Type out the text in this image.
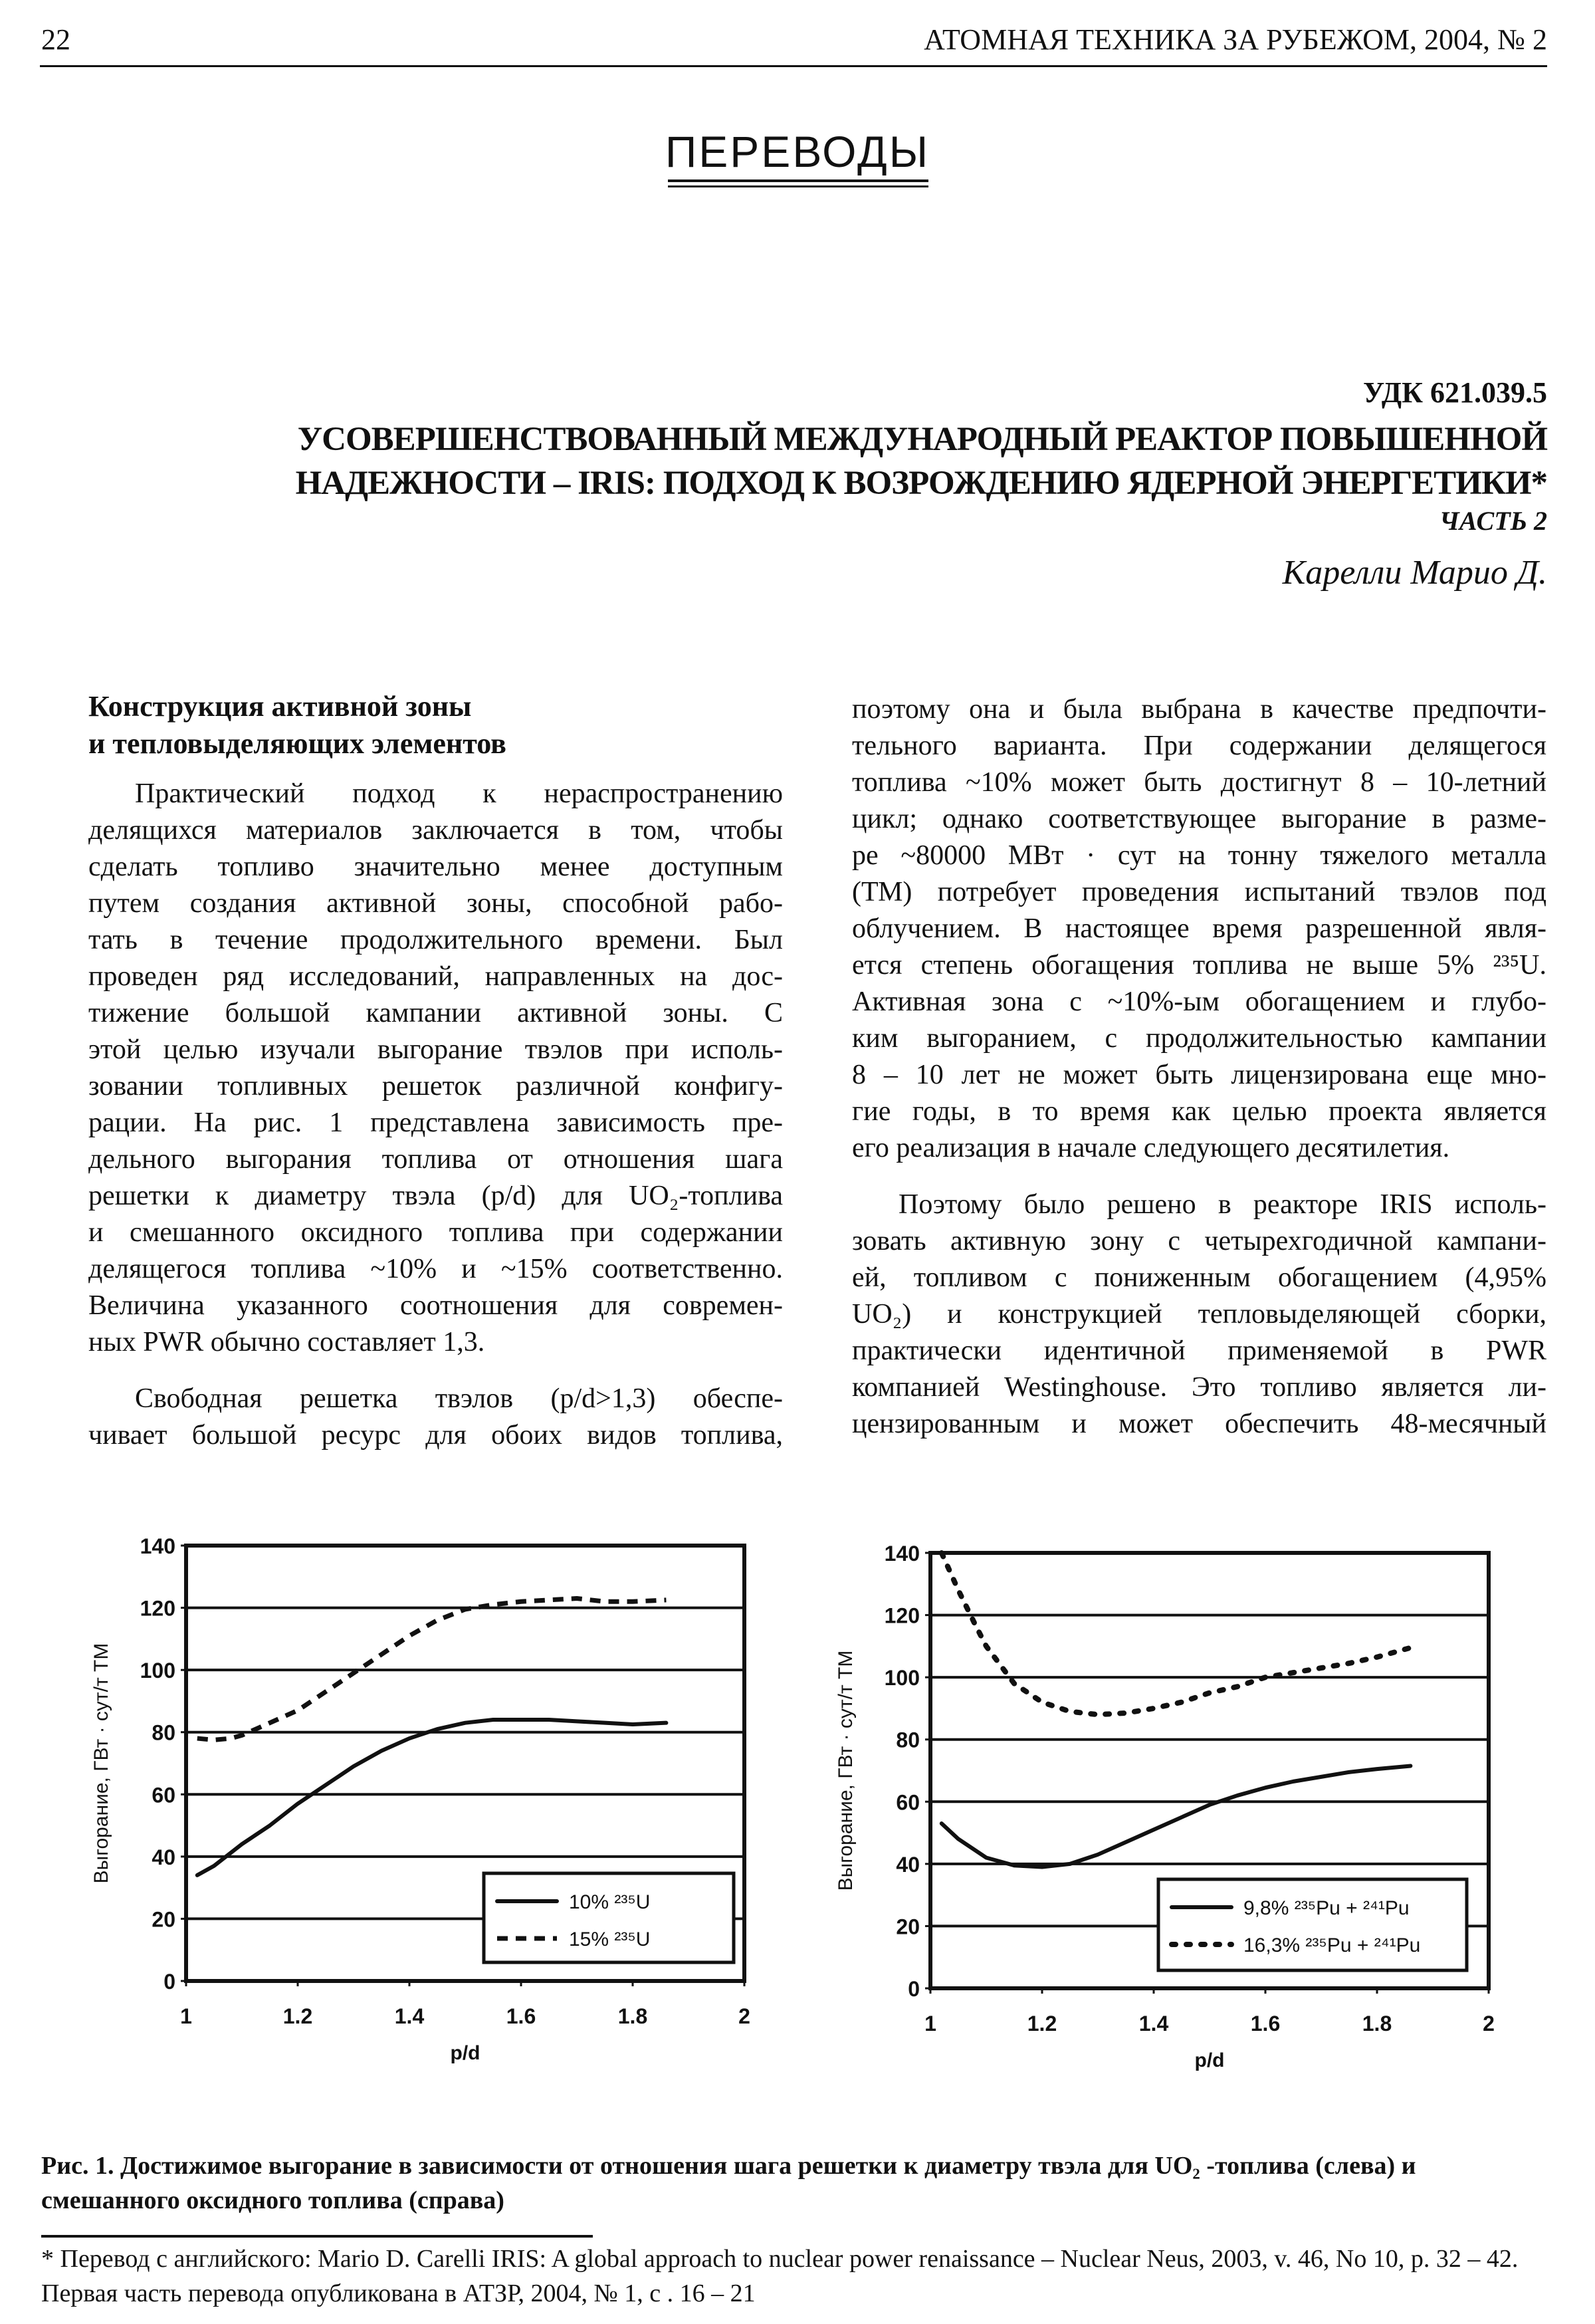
22	АТОМНАЯ ТЕХНИКА ЗА РУБЕЖОМ, 2004, № 2
ПЕРЕВОДЫ
УДК 621.039.5
УСОВЕРШЕНСТВОВАННЫЙ МЕЖДУНАРОДНЫЙ РЕАКТОР ПОВЫШЕННОЙ
НАДЕЖНОСТИ – IRIS: ПОДХОД К ВОЗРОЖДЕНИЮ ЯДЕРНОЙ ЭНЕРГЕТИКИ*
ЧАСТЬ 2
Карелли Марио Д.
Конструкция активной зоны
и тепловыделяющих элементов
Практический подход к нераспространению
делящихся материалов заключается в том, чтобы
сделать топливо значительно менее доступным
путем создания активной зоны, способной рабо-
тать в течение продолжительного времени. Был
проведен ряд исследований, направленных на дос-
тижение большой кампании активной зоны. С
этой целью изучали выгорание твэлов при исполь-
зовании топливных решеток различной конфигу-
рации. На рис. 1 представлена зависимость пре-
дельного выгорания топлива от отношения шага
решетки к диаметру твэла (p/d) для UO₂-топлива
и смешанного оксидного топлива при содержании
делящегося топлива ~10% и ~15% соответственно.
Величина указанного соотношения для современ-
ных PWR обычно составляет 1,3.
Свободная решетка твэлов (p/d>1,3) обеспе-
чивает большой ресурс для обоих видов топлива,
поэтому она и была выбрана в качестве предпочти-
тельного варианта. При содержании делящегося
топлива ~10% может быть достигнут 8 – 10-летний
цикл; однако соответствующее выгорание в разме-
ре ~80000 МВт · сут на тонну тяжелого металла
(ТМ) потребует проведения испытаний твэлов под
облучением. В настоящее время разрешенной явля-
ется степень обогащения топлива не выше 5% ²³⁵U.
Активная зона с ~10%-ым обогащением и глубо-
ким выгоранием, с продолжительностью кампании
8 – 10 лет не может быть лицензирована еще мно-
гие годы, в то время как целью проекта является
его реализация в начале следующего десятилетия.
Поэтому было решено в реакторе IRIS исполь-
зовать активную зону с четырехгодичной кампани-
ей, топливом с пониженным обогащением (4,95%
UO₂) и конструкцией тепловыделяющей сборки,
практически идентичной применяемой в PWR
компанией Westinghouse. Это топливо является ли-
цензированным и может обеспечить 48-месячный
0
20
40
60
80
100
120
140
1	1.2	1.4	1.6	1.8	2
p/d
Выгорание, ГВт · сут/т ТМ
10% ²³⁵U
15% ²³⁵U
0
20
40
60
80
100
120
140
1	1.2	1.4	1.6	1.8	2
p/d
Выгорание, ГВт · сут/т ТМ
9,8% ²³⁵Pu + ²⁴¹Pu
16,3% ²³⁵Pu + ²⁴¹Pu
Рис. 1. Достижимое выгорание в зависимости от отношения шага решетки к диаметру твэла для UO₂ -топлива (слева) и смешанного оксидного топлива (справа)
* Перевод с английского: Mario D. Carelli IRIS: A global approach to nuclear power renaissance – Nuclear Neus, 2003, v. 46, No 10, p. 32 – 42. Первая часть перевода опубликована в АТЗР, 2004, № 1, с . 16 – 21
